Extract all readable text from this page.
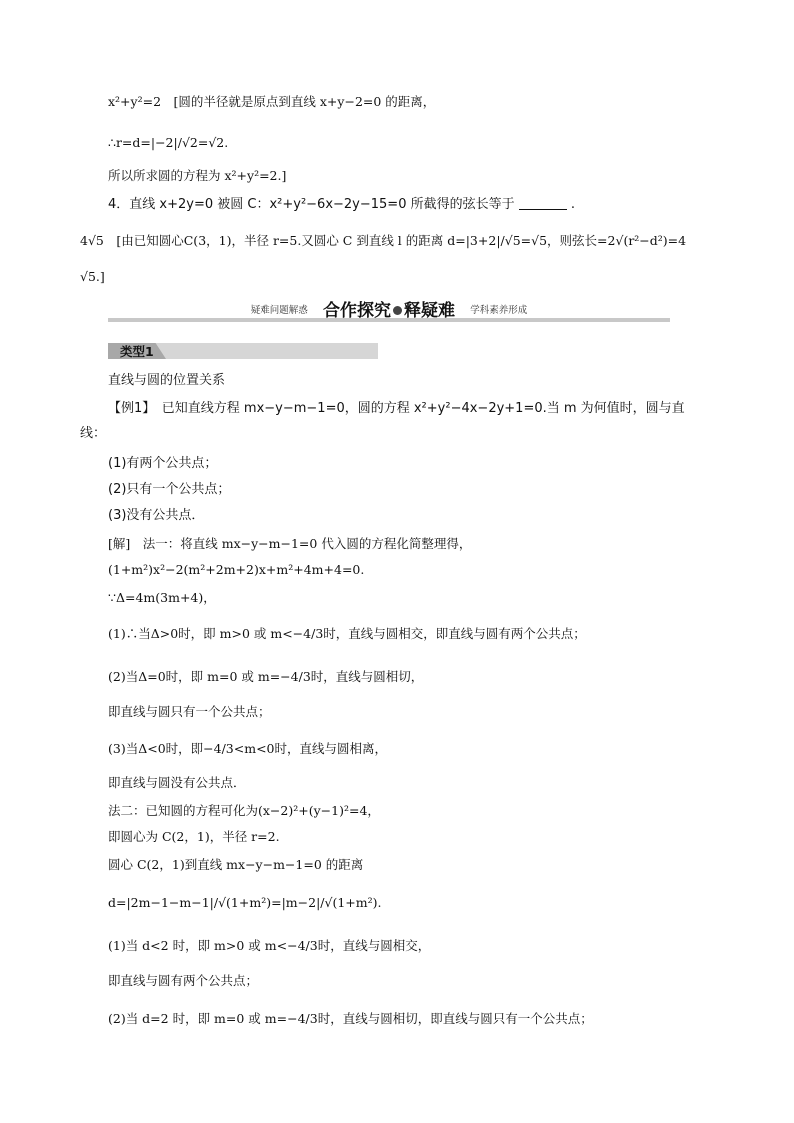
x²+y²=2　[圆的半径就是原点到直线 x+y−2=0 的距离，
∴r=d=|−2|/√2=√2.
所以所求圆的方程为 x²+y²=2.]
4．直线 x+2y=0 被圆 C：x²+y²−6x−2y−15=0 所截得的弦长等于	.
4√5　[由已知圆心C(3，1)，半径 r=5.又圆心 C 到直线 l 的距离 d=|3+2|/√5=√5，则弦长=2√(r²−d²)=4
√5.]
疑难问题解惑 合作探究 释疑难 学科素养形成
类型1
直线与圆的位置关系
【例1】　已知直线方程 mx−y−m−1=0，圆的方程 x²+y²−4x−2y+1=0.当 m 为何值时，圆与直
线：
(1)有两个公共点；
(2)只有一个公共点；
(3)没有公共点．
[解]　法一：将直线 mx−y−m−1=0 代入圆的方程化简整理得，
(1+m²)x²−2(m²+2m+2)x+m²+4m+4=0.
∵Δ=4m(3m+4)，
(1)∴当Δ>0时，即 m>0 或 m<−4/3时，直线与圆相交，即直线与圆有两个公共点；
(2)当Δ=0时，即 m=0 或 m=−4/3时，直线与圆相切，
即直线与圆只有一个公共点；
(3)当Δ<0时，即−4/3<m<0时，直线与圆相离，
即直线与圆没有公共点．
法二：已知圆的方程可化为(x−2)²+(y−1)²=4，
即圆心为 C(2，1)，半径 r=2.
圆心 C(2，1)到直线 mx−y−m−1=0 的距离
d=|2m−1−m−1|/√(1+m²)=|m−2|/√(1+m²).
(1)当 d<2 时，即 m>0 或 m<−4/3时，直线与圆相交，
即直线与圆有两个公共点；
(2)当 d=2 时，即 m=0 或 m=−4/3时，直线与圆相切，即直线与圆只有一个公共点；
